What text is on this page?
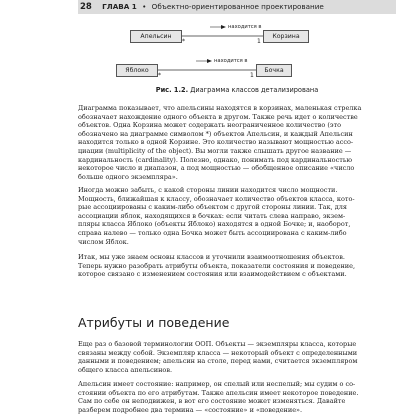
28 ГЛАВА 1 • Объектно-ориентированное проектирование
Апельсин	Корзина
находится в
*	1
Яблоко	Бочка
находится в
*	1
Рис. 1.2. Диаграмма классов детализирована
Диаграмма показывает, что апельсины находятся в корзинах, маленькая стрелка
обозначает нахождение одного объекта в другом. Также речь идет о количестве
объектов. Одна Корзина может содержать неограниченное количество (это
обозначено на диаграмме символом *) объектов Апельсин, и каждый Апельсин
находится только в одной Корзине. Это количество называют мощностью ассо-
циации (multiplicity of the object). Вы могли также слышать другое название —
кардинальность (cardinality). Полезно, однако, понимать под кардинальностью
некоторое число и диапазон, а под мощностью — обобщенное описание «число
больше одного экземпляра».
Иногда можно забыть, с какой стороны линии находится число мощности.
Мощность, ближайшая к классу, обозначает количество объектов класса, кото-
рые ассоциированы с каким-либо объектом с другой стороны линии. Так, для
ассоциации яблок, находящихся в бочках: если читать слева направо, экзем-
пляры класса Яблоко (объекты Яблоко) находятся в одной Бочке; и, наоборот,
справа налево — только одна Бочка может быть ассоциирована с каким-либо
числом Яблок.
Итак, мы уже знаем основы классов и уточнили взаимоотношения объектов.
Теперь нужно разобрать атрибуты объекта, показатели состояния и поведение,
которое связано с изменением состояния или взаимодействием с объектами.
Атрибуты и поведение
Еще раз о базовой терминологии ООП. Объекты — экземпляры класса, которые
связаны между собой. Экземпляр класса — некоторый объект с определенными
данными и поведением; апельсин на столе, перед нами, считается экземпляром
общего класса апельсинов.
Апельсин имеет состояние: например, он спелый или неспелый; мы судим о со-
стоянии объекта по его атрибутам. Также апельсин имеет некоторое поведение.
Сам по себе он неподвижен, в вот его состояние может изменяться. Давайте
разберем подробнее два термина — «состояние» и «поведение».
